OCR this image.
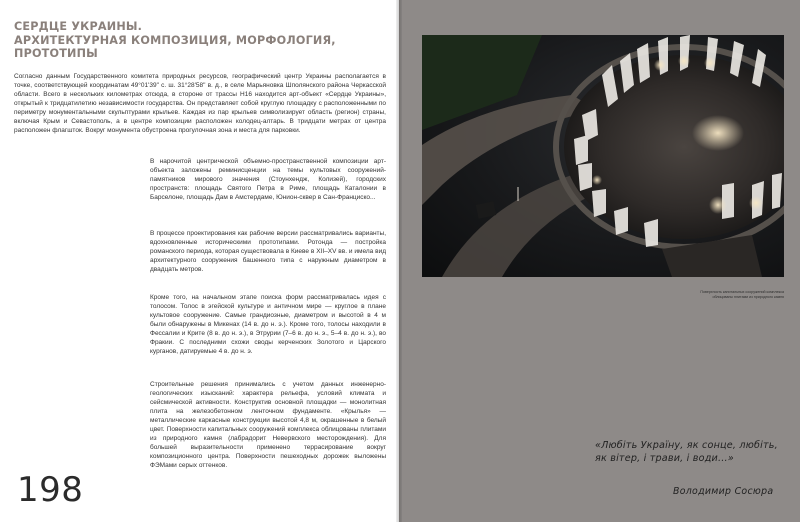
СЕРДЦЕ УКРАИНЫ.
АРХИТЕКТУРНАЯ КОМПОЗИЦИЯ, МОРФОЛОГИЯ,
ПРОТОТИПЫ
Согласно данным Государственного комитета природных ресурсов, географический центр Украины располагается в точке, соответствующей координатам 49°01'39" с. ш. 31°28'58" в. д., в селе Марьяновка Шполянского района Черкасской области. Всего в нескольких километрах отсюда, в стороне от трассы Н16 находится арт-объект «Сердце Украины», открытый к тридцатилетию независимости государства. Он представляет собой круглую площадку с расположенными по периметру монументальными скульптурами крыльев. Каждая из пар крыльев символизирует область (регион) страны, включая Крым и Севастополь, а в центре композиции расположен колодец-алтарь. В тридцати метрах от центра расположен флагшток. Вокруг монумента обустроена прогулочная зона и места для парковки.
В нарочитой центрической объемно-пространственной композиции арт-объекта заложены реминисценции на темы культовых сооружений-памятников мирового значения (Стоунхендж, Колизей), городских пространств: площадь Святого Петра в Риме, площадь Каталонии в Барселоне, площадь Дам в Амстердаме, Юнион-сквер в Сан-Франциско...
В процессе проектирования как рабочие версии рассматривались варианты, вдохновленные историческими прототипами. Ротонда — постройка романского периода, которая существовала в Киеве в XII–XV вв. и имела вид архитектурного сооружения башенного типа с наружным диаметром в двадцать метров.
Кроме того, на начальном этапе поиска форм рассматривалась идея с толосом. Толос в эгейской культуре и античном мире — круглое в плане культовое сооружение. Самые грандиозные, диаметром и высотой в 4 м были обнаружены в Микенах (14 в. до н. э.). Кроме того, толосы находили в Фессалии и Крите (8 в. до н. э.), в Этрурии (7–6 в. до н. э., 5–4 в. до н. э.), во Фракии. С последними схожи своды керченских Золотого и Царского курганов, датируемые 4 в. до н. э.
Строительные решения принимались с учетом данных инженерно-геологических изысканий: характера рельефа, условий климата и сейсмической активности. Конструктив основной площадки — монолитная плита на железобетонном ленточном фундаменте. «Крылья» — металлические каркасные конструкции высотой 4,8 м, окрашенные в белый цвет. Поверхности капитальных сооружений комплекса облицованы плитами из природного камня (лабрадорит Невервского месторождения). Для большей выразительности применено террасирование вокруг композиционного центра. Поверхности пешеходных дорожек выложены ФЭМами серых оттенков.
198
Поверхность капитальных сооружений комплекса облицованы плитами из природного камня
«Любіть Україну, як сонце, любіть,
як вітер, і трави, і води...»
Володимир Сосюра
